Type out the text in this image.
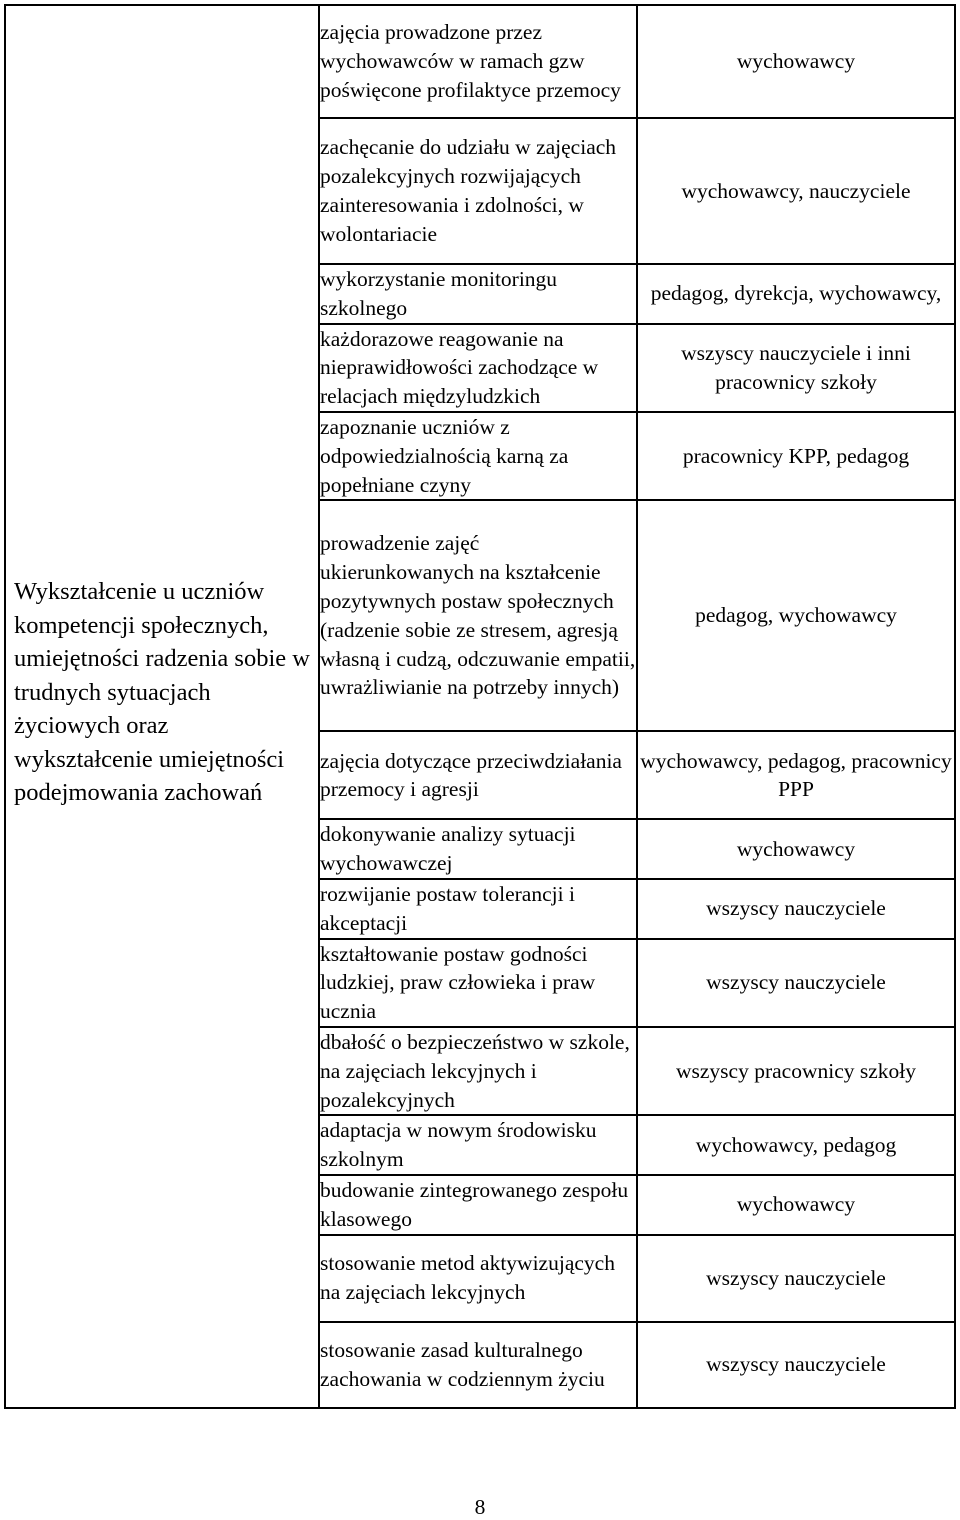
Wykształcenie u uczniów kompetencji społecznych, umiejętności radzenia sobie w trudnych sytuacjach życiowych oraz wykształcenie umiejętności podejmowania zachowań	zajęcia prowadzone przez wychowawców w ramach gzw poświęcone profilaktyce przemocy	wychowawcy
	zachęcanie do udziału w zajęciach pozalekcyjnych rozwijających zainteresowania i zdolności, w wolontariacie	wychowawcy, nauczyciele
	wykorzystanie monitoringu szkolnego	pedagog, dyrekcja, wychowawcy,
	każdorazowe reagowanie na nieprawidłowości zachodzące w relacjach międzyludzkich	wszyscy nauczyciele i inni pracownicy szkoły
	zapoznanie uczniów z odpowiedzialnością karną za popełniane czyny	pracownicy KPP, pedagog
	prowadzenie zajęć ukierunkowanych na kształcenie pozytywnych postaw społecznych (radzenie sobie ze stresem, agresją własną i cudzą, odczuwanie empatii, uwrażliwianie na potrzeby innych)	pedagog, wychowawcy
	zajęcia dotyczące przeciwdziałania przemocy i agresji	wychowawcy, pedagog, pracownicy PPP
	dokonywanie analizy sytuacji wychowawczej	wychowawcy
	rozwijanie postaw tolerancji i akceptacji	wszyscy nauczyciele
	kształtowanie postaw godności ludzkiej, praw człowieka i praw ucznia	wszyscy nauczyciele
	dbałość o bezpieczeństwo w szkole, na zajęciach lekcyjnych i pozalekcyjnych	wszyscy pracownicy szkoły
	adaptacja w nowym środowisku szkolnym	wychowawcy, pedagog
	budowanie zintegrowanego zespołu klasowego	wychowawcy
	stosowanie metod aktywizujących na zajęciach lekcyjnych	wszyscy nauczyciele
	stosowanie zasad kulturalnego zachowania w codziennym życiu	wszyscy nauczyciele
8
